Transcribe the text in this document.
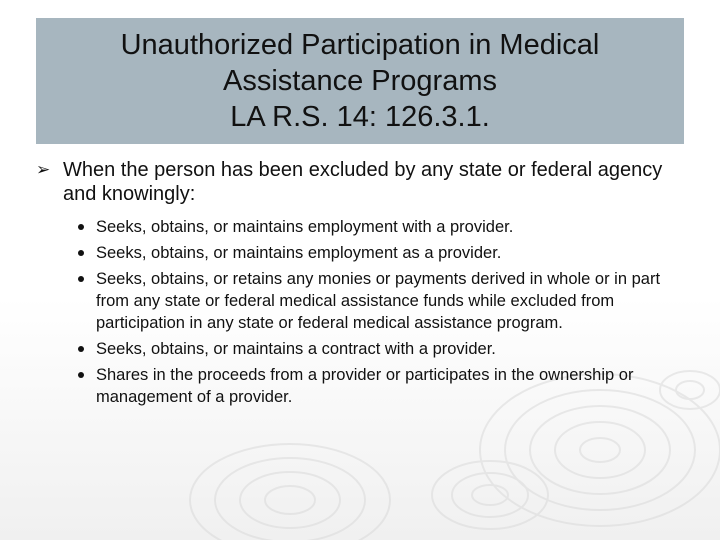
Unauthorized Participation in Medical
Assistance Programs
LA R.S. 14: 126.3.1.
➢ When the person has been excluded by any state or federal agency and knowingly:
Seeks, obtains, or maintains employment with a provider.
Seeks, obtains, or maintains employment as a provider.
Seeks, obtains, or retains any monies or payments derived in whole or in part from any state or federal medical assistance funds while excluded from participation in any state or federal medical assistance program.
Seeks, obtains, or maintains a contract with a provider.
Shares in the proceeds from a provider or participates in the ownership or management of a provider.
